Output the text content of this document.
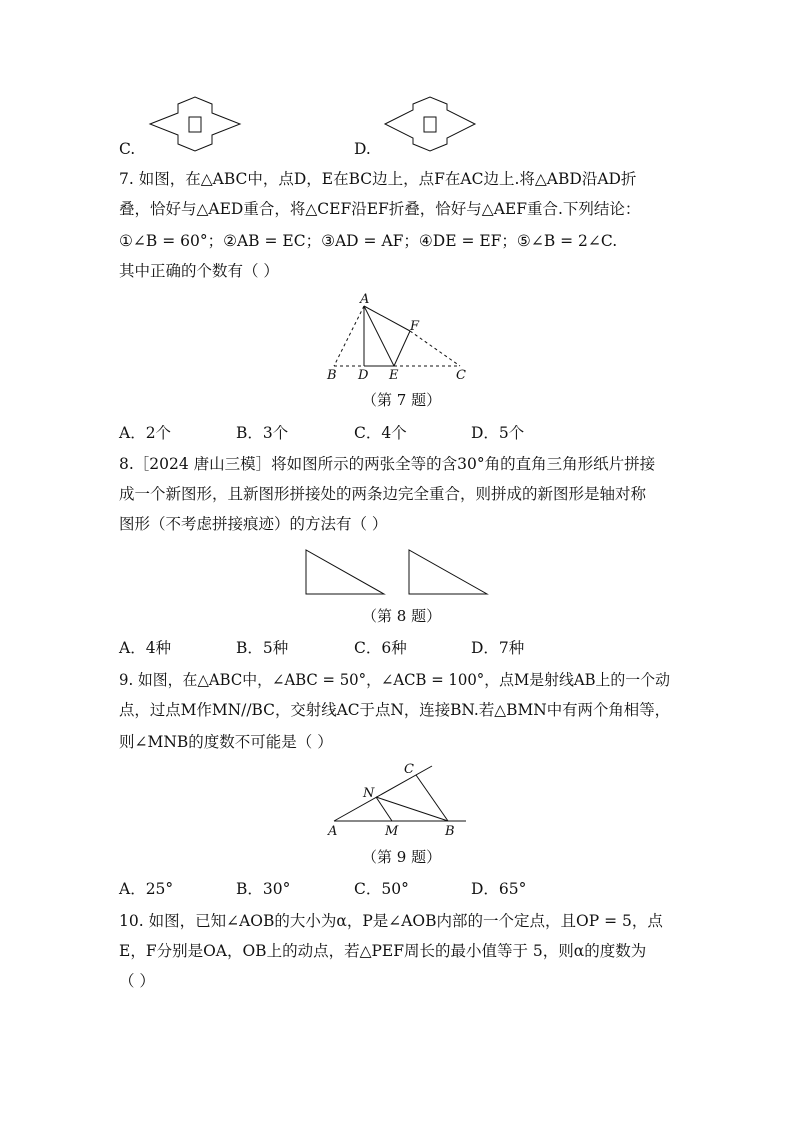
C.	D.
7. 如图，在△ABC中，点D，E在BC边上，点F在AC边上.将△ABD沿AD折
叠，恰好与△AED重合，将△CEF沿EF折叠，恰好与△AEF重合.下列结论：
①∠B = 60°；②AB = EC；③AD = AF；④DE = EF；⑤∠B = 2∠C.
其中正确的个数有（ ）
A
F
B D E	C
（第 7 题）
A．2个	B．3个	C．4个	D．5个
8.［2024 唐山三模］将如图所示的两张全等的含30°角的直角三角形纸片拼接
成一个新图形，且新图形拼接处的两条边完全重合，则拼成的新图形是轴对称
图形（不考虑拼接痕迹）的方法有（ ）
（第 8 题）
A．4种	B．5种	C．6种	D．7种
9. 如图，在△ABC中，∠ABC = 50°，∠ACB = 100°，点M是射线AB上的一个动
点，过点M作MN//BC，交射线AC于点N，连接BN.若△BMN中有两个角相等，
则∠MNB的度数不可能是（ ）
C
N
A	M	B
（第 9 题）
A．25°	B．30°	C．50°	D．65°
10. 如图，已知∠AOB的大小为α，P是∠AOB内部的一个定点，且OP = 5，点
E，F分别是OA，OB上的动点，若△PEF周长的最小值等于 5，则α的度数为
（ ）
